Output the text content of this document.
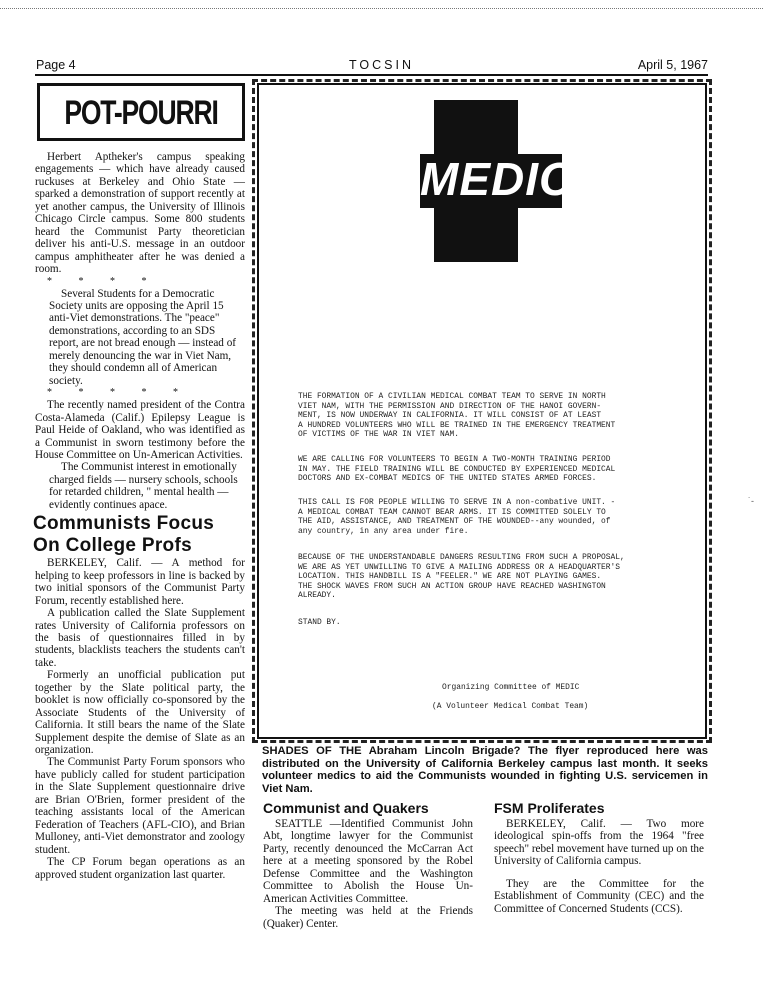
Page 4	TOCSIN	April 5, 1967
POT-POURRI

Herbert Aptheker's campus speaking engagements — which have already caused ruckuses at Berkeley and Ohio State — sparked a demonstration of support recently at yet another campus, the University of Illinois Chicago Circle campus. Some 800 students heard the Communist Party theoretician deliver his anti-U.S. message in an outdoor campus amphitheater after he was denied a room.

* * * *

Several Students for a Democratic Society units are opposing the April 15 anti-Viet demonstrations. The "peace" demonstrations, according to an SDS report, are not bread enough — instead of merely denouncing the war in Viet Nam, they should condemn all of American society.

* * * * *

The recently named president of the Contra Costa-Alameda (Calif.) Epilepsy League is Paul Heide of Oakland, who was identified as a Communist in sworn testimony before the House Committee on Un-American Activities.

The Communist interest in emotionally charged fields — nursery schools, schools for retarded children, " mental health — evidently continues apace.

Communists Focus

On College Profs

BERKELEY, Calif. — A method for helping to keep professors in line is backed by two initial sponsors of the Communist Party Forum, recently established here.

A publication called the Slate Supplement rates University of California professors on the basis of questionnaires filled in by students, blacklists teachers the students can't take.

Formerly an unofficial publication put together by the Slate political party, the booklet is now officially co-sponsored by the Associate Students of the University of California. It still bears the name of the Slate Supplement despite the demise of Slate as an organization.

The Communist Party Forum sponsors who have publicly called for student participation in the Slate Supplement questionnaire drive are Brian O'Brien, former president of the teaching assistants local of the American Federation of Teachers (AFL-CIO), and Brian Mulloney, anti-Viet demonstrator and zoology student.

The CP Forum began operations as an approved student organization last quarter.

MEDIC
THE FORMATION OF A CIVILIAN MEDICAL COMBAT TEAM TO SERVE IN NORTH
VIET NAM, WITH THE PERMISSION AND DIRECTION OF THE HANOI GOVERN-
MENT, IS NOW UNDERWAY IN CALIFORNIA. IT WILL CONSIST OF AT LEAST
A HUNDRED VOLUNTEERS WHO WILL BE TRAINED IN THE EMERGENCY TREATMENT
OF VICTIMS OF THE WAR IN VIET NAM.
WE ARE CALLING FOR VOLUNTEERS TO BEGIN A TWO-MONTH TRAINING PERIOD
IN MAY. THE FIELD TRAINING WILL BE CONDUCTED BY EXPERIENCED MEDICAL
DOCTORS AND EX-COMBAT MEDICS OF THE UNITED STATES ARMED FORCES.
THIS CALL IS FOR PEOPLE WILLING TO SERVE IN A non-combative UNIT. -
A MEDICAL COMBAT TEAM CANNOT BEAR ARMS. IT IS COMMITTED SOLELY TO
THE AID, ASSISTANCE, AND TREATMENT OF THE WOUNDED--any wounded, of
any country, in any area under fire.
BECAUSE OF THE UNDERSTANDABLE DANGERS RESULTING FROM SUCH A PROPOSAL,
WE ARE AS YET UNWILLING TO GIVE A MAILING ADDRESS OR A HEADQUARTER'S
LOCATION. THIS HANDBILL IS A "FEELER." WE ARE NOT PLAYING GAMES.
THE SHOCK WAVES FROM SUCH AN ACTION GROUP HAVE REACHED WASHINGTON
ALREADY.
STAND BY.
Organizing Committee of MEDIC
(A Volunteer Medical Combat Team)
˙-
SHADES OF THE Abraham Lincoln Brigade? The flyer reproduced here was distributed on the University of California Berkeley campus last month. It seeks volunteer medics to aid the Communists wounded in fighting U.S. servicemen in Viet Nam.

Communist and Quakers

SEATTLE —Identified Communist John Abt, longtime lawyer for the Communist Party, recently denounced the McCarran Act here at a meeting sponsored by the Robel Defense Committee and the Washington Committee to Abolish the House Un-American Activities Committee.

The meeting was held at the Friends (Quaker) Center.

FSM Proliferates

BERKELEY, Calif. — Two more ideological spin-offs from the 1964 "free speech" rebel movement have turned up on the University of California campus.

They are the Committee for the Establishment of Community (CEC) and the Committee of Concerned Students (CCS).
